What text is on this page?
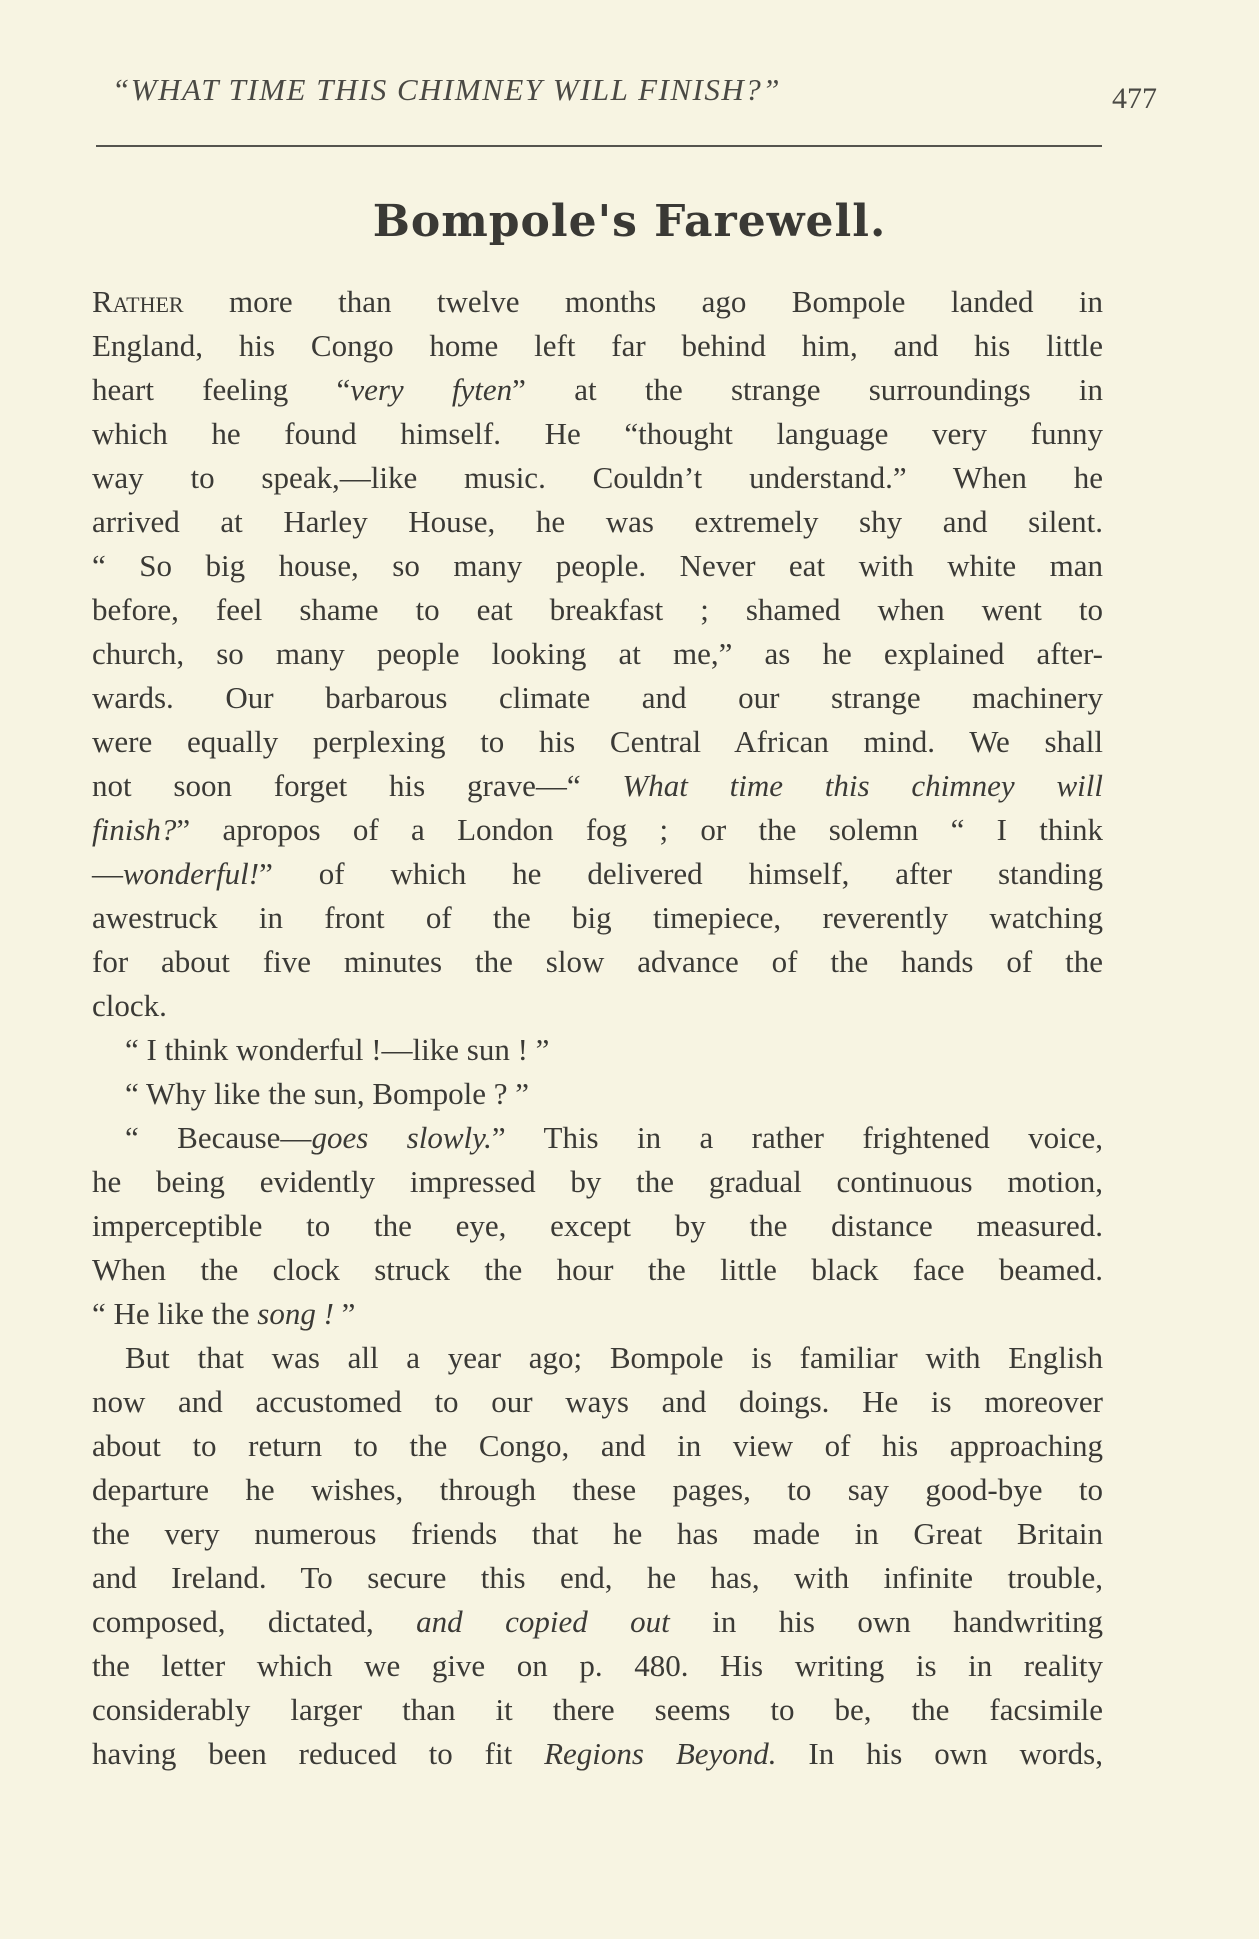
“WHAT TIME THIS CHIMNEY WILL FINISH?”	477
Bompole's Farewell.
Rather more than twelve months ago Bompole landed in
England, his Congo home left far behind him, and his little
heart feeling “very fyten” at the strange surroundings in
which he found himself. He “thought language very funny
way to speak,—like music. Couldn’t understand.” When he
arrived at Harley House, he was extremely shy and silent.
“ So big house, so many people. Never eat with white man
before, feel shame to eat breakfast ; shamed when went to
church, so many people looking at me,” as he explained after-
wards. Our barbarous climate and our strange machinery
were equally perplexing to his Central African mind. We shall
not soon forget his grave—“ What time this chimney will
finish?” apropos of a London fog ; or the solemn “ I think
—wonderful!” of which he delivered himself, after standing
awestruck in front of the big timepiece, reverently watching
for about five minutes the slow advance of the hands of the
clock.
“ I think wonderful !—like sun ! ”
“ Why like the sun, Bompole ? ”
“ Because—goes slowly.” This in a rather frightened voice,
he being evidently impressed by the gradual continuous motion,
imperceptible to the eye, except by the distance measured.
When the clock struck the hour the little black face beamed.
“ He like the song ! ”
But that was all a year ago; Bompole is familiar with English
now and accustomed to our ways and doings. He is moreover
about to return to the Congo, and in view of his approaching
departure he wishes, through these pages, to say good-bye to
the very numerous friends that he has made in Great Britain
and Ireland. To secure this end, he has, with infinite trouble,
composed, dictated, and copied out in his own handwriting
the letter which we give on p. 480. His writing is in reality
considerably larger than it there seems to be, the facsimile
having been reduced to fit Regions Beyond. In his own words,
